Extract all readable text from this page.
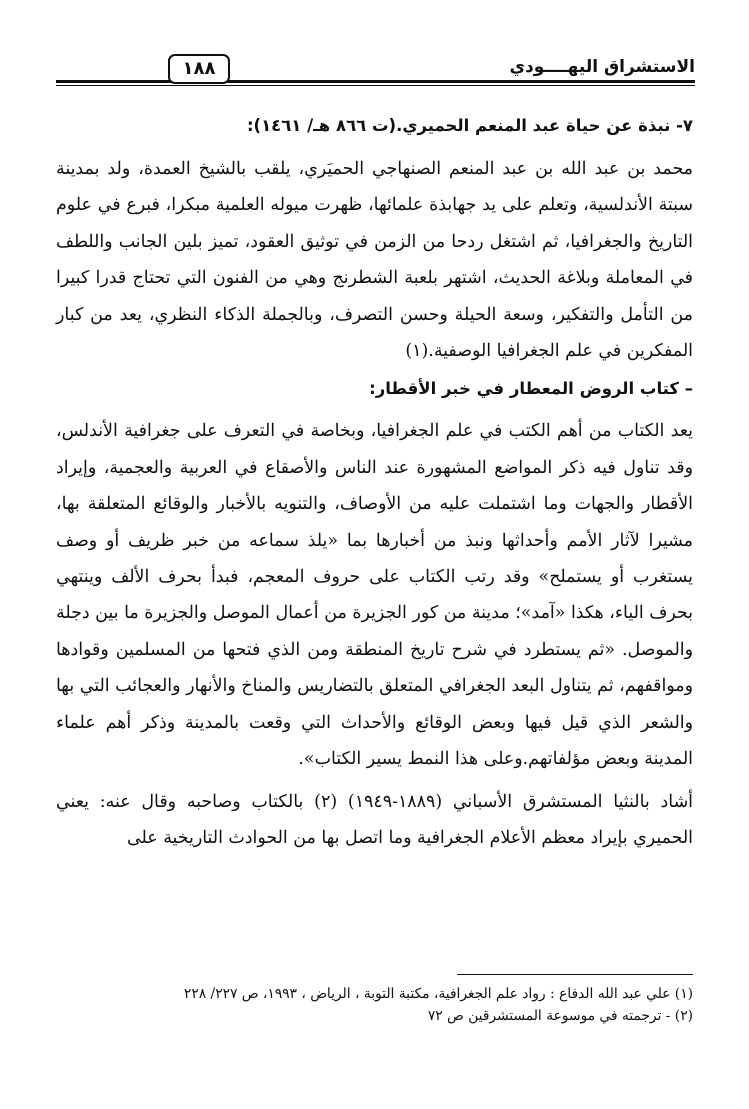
الاستشراق اليهــــودي
١٨٨
٧- نبذة عن حياة عبد المنعم الحميري.(ت ٨٦٦ هـ/ ١٤٦١):

محمد بن عبد الله بن عبد المنعم الصنهاجي الحميَري، يلقب بالشيخ العمدة، ولد بمدينة سبتة الأندلسية، وتعلم على يد جهابذة علمائها، ظهرت ميوله العلمية مبكرا، فبرع في علوم التاريخ والجغرافيا، ثم اشتغل ردحا من الزمن في توثيق العقود، تميز بلين الجانب واللطف في المعاملة وبلاغة الحديث، اشتهر بلعبة الشطرنج وهي من الفنون التي تحتاج قدرا كبيرا من التأمل والتفكير، وسعة الحيلة وحسن التصرف، وبالجملة الذكاء النظري، يعد من كبار المفكرين في علم الجغرافيا الوصفية.(١)

– كتاب الروض المعطار في خبر الأقطار:

يعد الكتاب من أهم الكتب في علم الجغرافيا، وبخاصة في التعرف على جغرافية الأندلس، وقد تناول فيه ذكر المواضع المشهورة عند الناس والأصقاع في العربية والعجمية، وإيراد الأقطار والجهات وما اشتملت عليه من الأوصاف، والتنويه بالأخبار والوقائع المتعلقة بها، مشيرا لآثار الأمم وأحداثها ونبذ من أخبارها بما «يلذ سماعه من خبر ظريف أو وصف يستغرب أو يستملح» وقد رتب الكتاب على حروف المعجم، فبدأ بحرف الألف وينتهي بحرف الياء، هكذا «آمد»؛ مدينة من كور الجزيرة من أعمال الموصل والجزيرة ما بين دجلة والموصل. «ثم يستطرد في شرح تاريخ المنطقة ومن الذي فتحها من المسلمين وقوادها ومواقفهم، ثم يتناول البعد الجغرافي المتعلق بالتضاريس والمناخ والأنهار والعجائب التي بها والشعر الذي قيل فيها وبعض الوقائع والأحداث التي وقعت بالمدينة وذكر أهم علماء المدينة وبعض مؤلفاتهم.وعلى هذا النمط يسير الكتاب».

أشاد بالنثيا المستشرق الأسباني (١٨٨٩-١٩٤٩) (٢) بالكتاب وصاحبه وقال عنه: يعني الحميري بإيراد معظم الأعلام الجغرافية وما اتصل بها من الحوادث التاريخية على

(١) علي عبد الله الدفاع : رواد علم الجغرافية، مكتبة التوبة ، الرياض ، ١٩٩٣، ص ٢٢٧/ ٢٢٨

(٢) - ترجمته في موسوعة المستشرقين ص ٧٢
